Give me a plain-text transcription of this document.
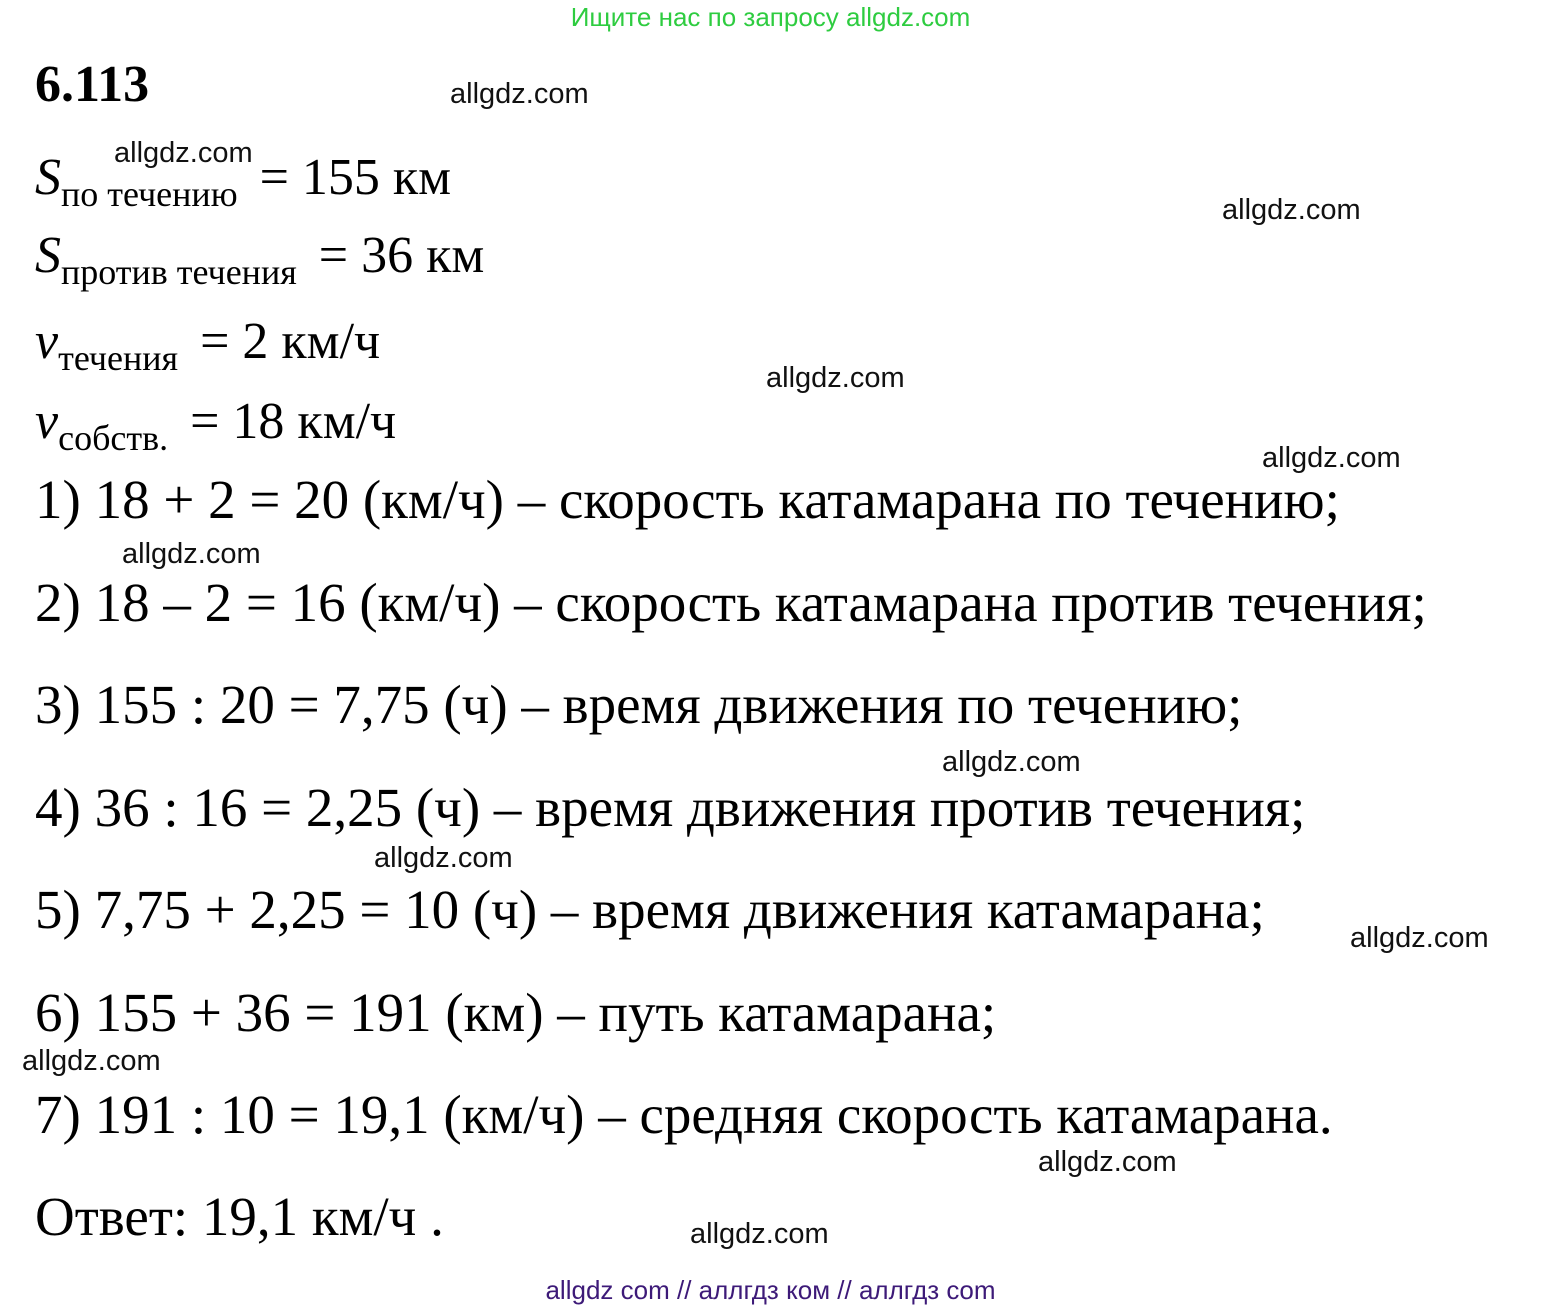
Ищите нас по запросу allgdz.com
6.113
$S_{по течению} = 155$ км
$S_{против течения} = 36$ км
$v_{течения} = 2$ км/ч
$v_{собств.} = 18$ км/ч
1) 18 + 2 = 20 (км/ч) – скорость катамарана по течению;
2) 18 – 2 = 16 (км/ч) – скорость катамарана против течения;
3) 155 : 20 = 7,75 (ч) – время движения по течению;
4) 36 : 16 = 2,25 (ч) – время движения против течения;
5) 7,75 + 2,25 = 10 (ч) – время движения катамарана;
6) 155 + 36 = 191 (км) – путь катамарана;
7) 191 : 10 = 19,1 (км/ч) – средняя скорость катамарана.
Ответ: 19,1 км/ч .
allgdz.com
allgdz.com
allgdz.com
allgdz.com
allgdz.com
allgdz.com
allgdz.com
allgdz.com
allgdz.com
allgdz.com
allgdz.com
allgdz.com
allgdz com // аллгдз ком // аллгдз com
